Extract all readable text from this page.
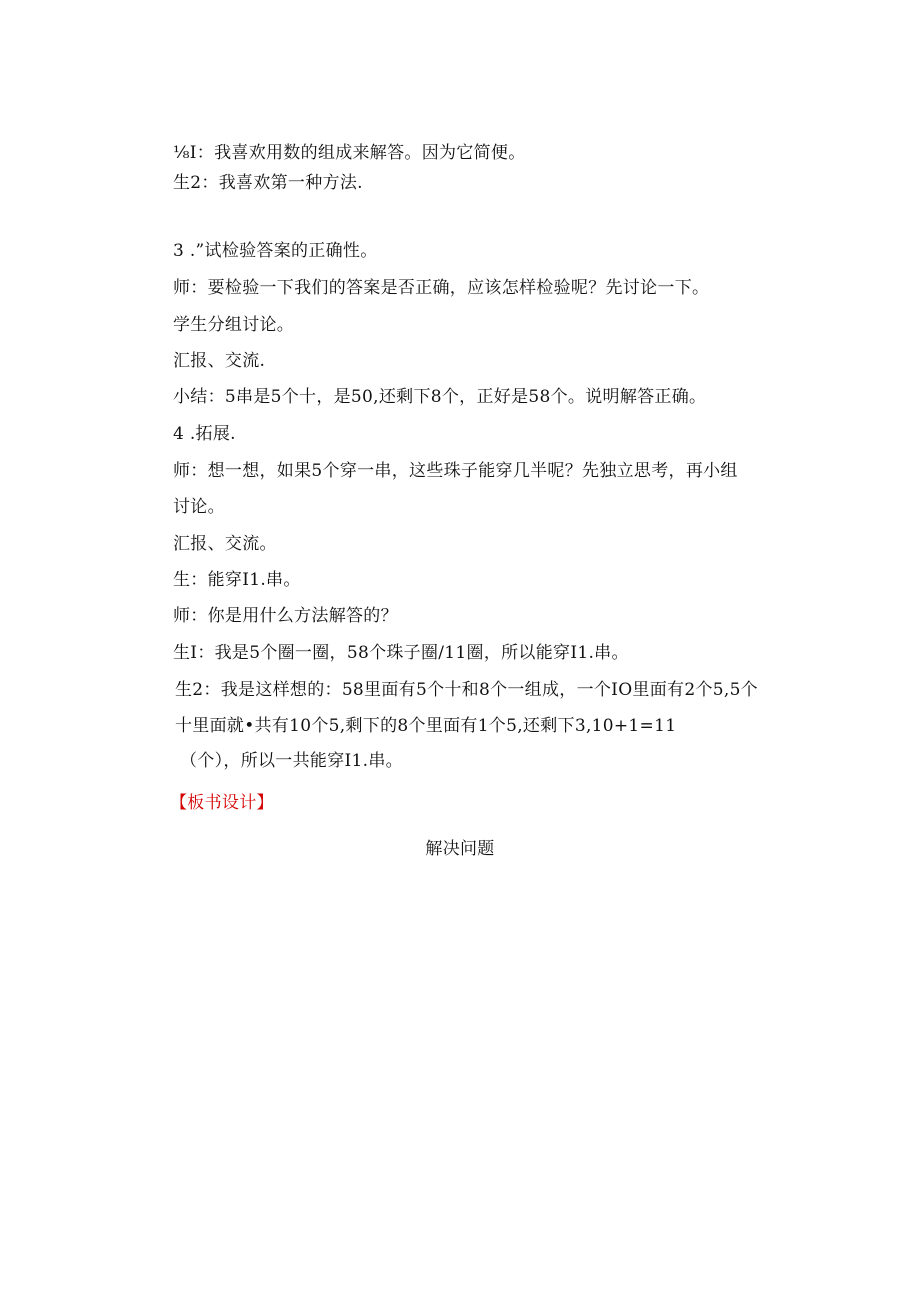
⅛I：我喜欢用数的组成来解答。因为它简便。
生2：我喜欢第一种方法.
3 .”试检验答案的正确性。
师：要检验一下我们的答案是否正确，应该怎样检验呢？先讨论一下。
学生分组讨论。
汇报、交流.
小结：5串是5个十，是50,还剩下8个，正好是58个。说明解答正确。
4 .拓展.
师：想一想，如果5个穿一串，这些珠子能穿几半呢？先独立思考，再小组
讨论。
汇报、交流。
生：能穿I1.串。
师：你是用什么方法解答的？
生I：我是5个圈一圈，58个珠子圈/11圈，所以能穿I1.串。
生2：我是这样想的：58里面有5个十和8个一组成，一个IO里面有2个5,5个
十里面就•共有10个5,剩下的8个里面有1个5,还剩下3,10+1=11
（个），所以一共能穿I1.串。
【板书设计】
解决问题
